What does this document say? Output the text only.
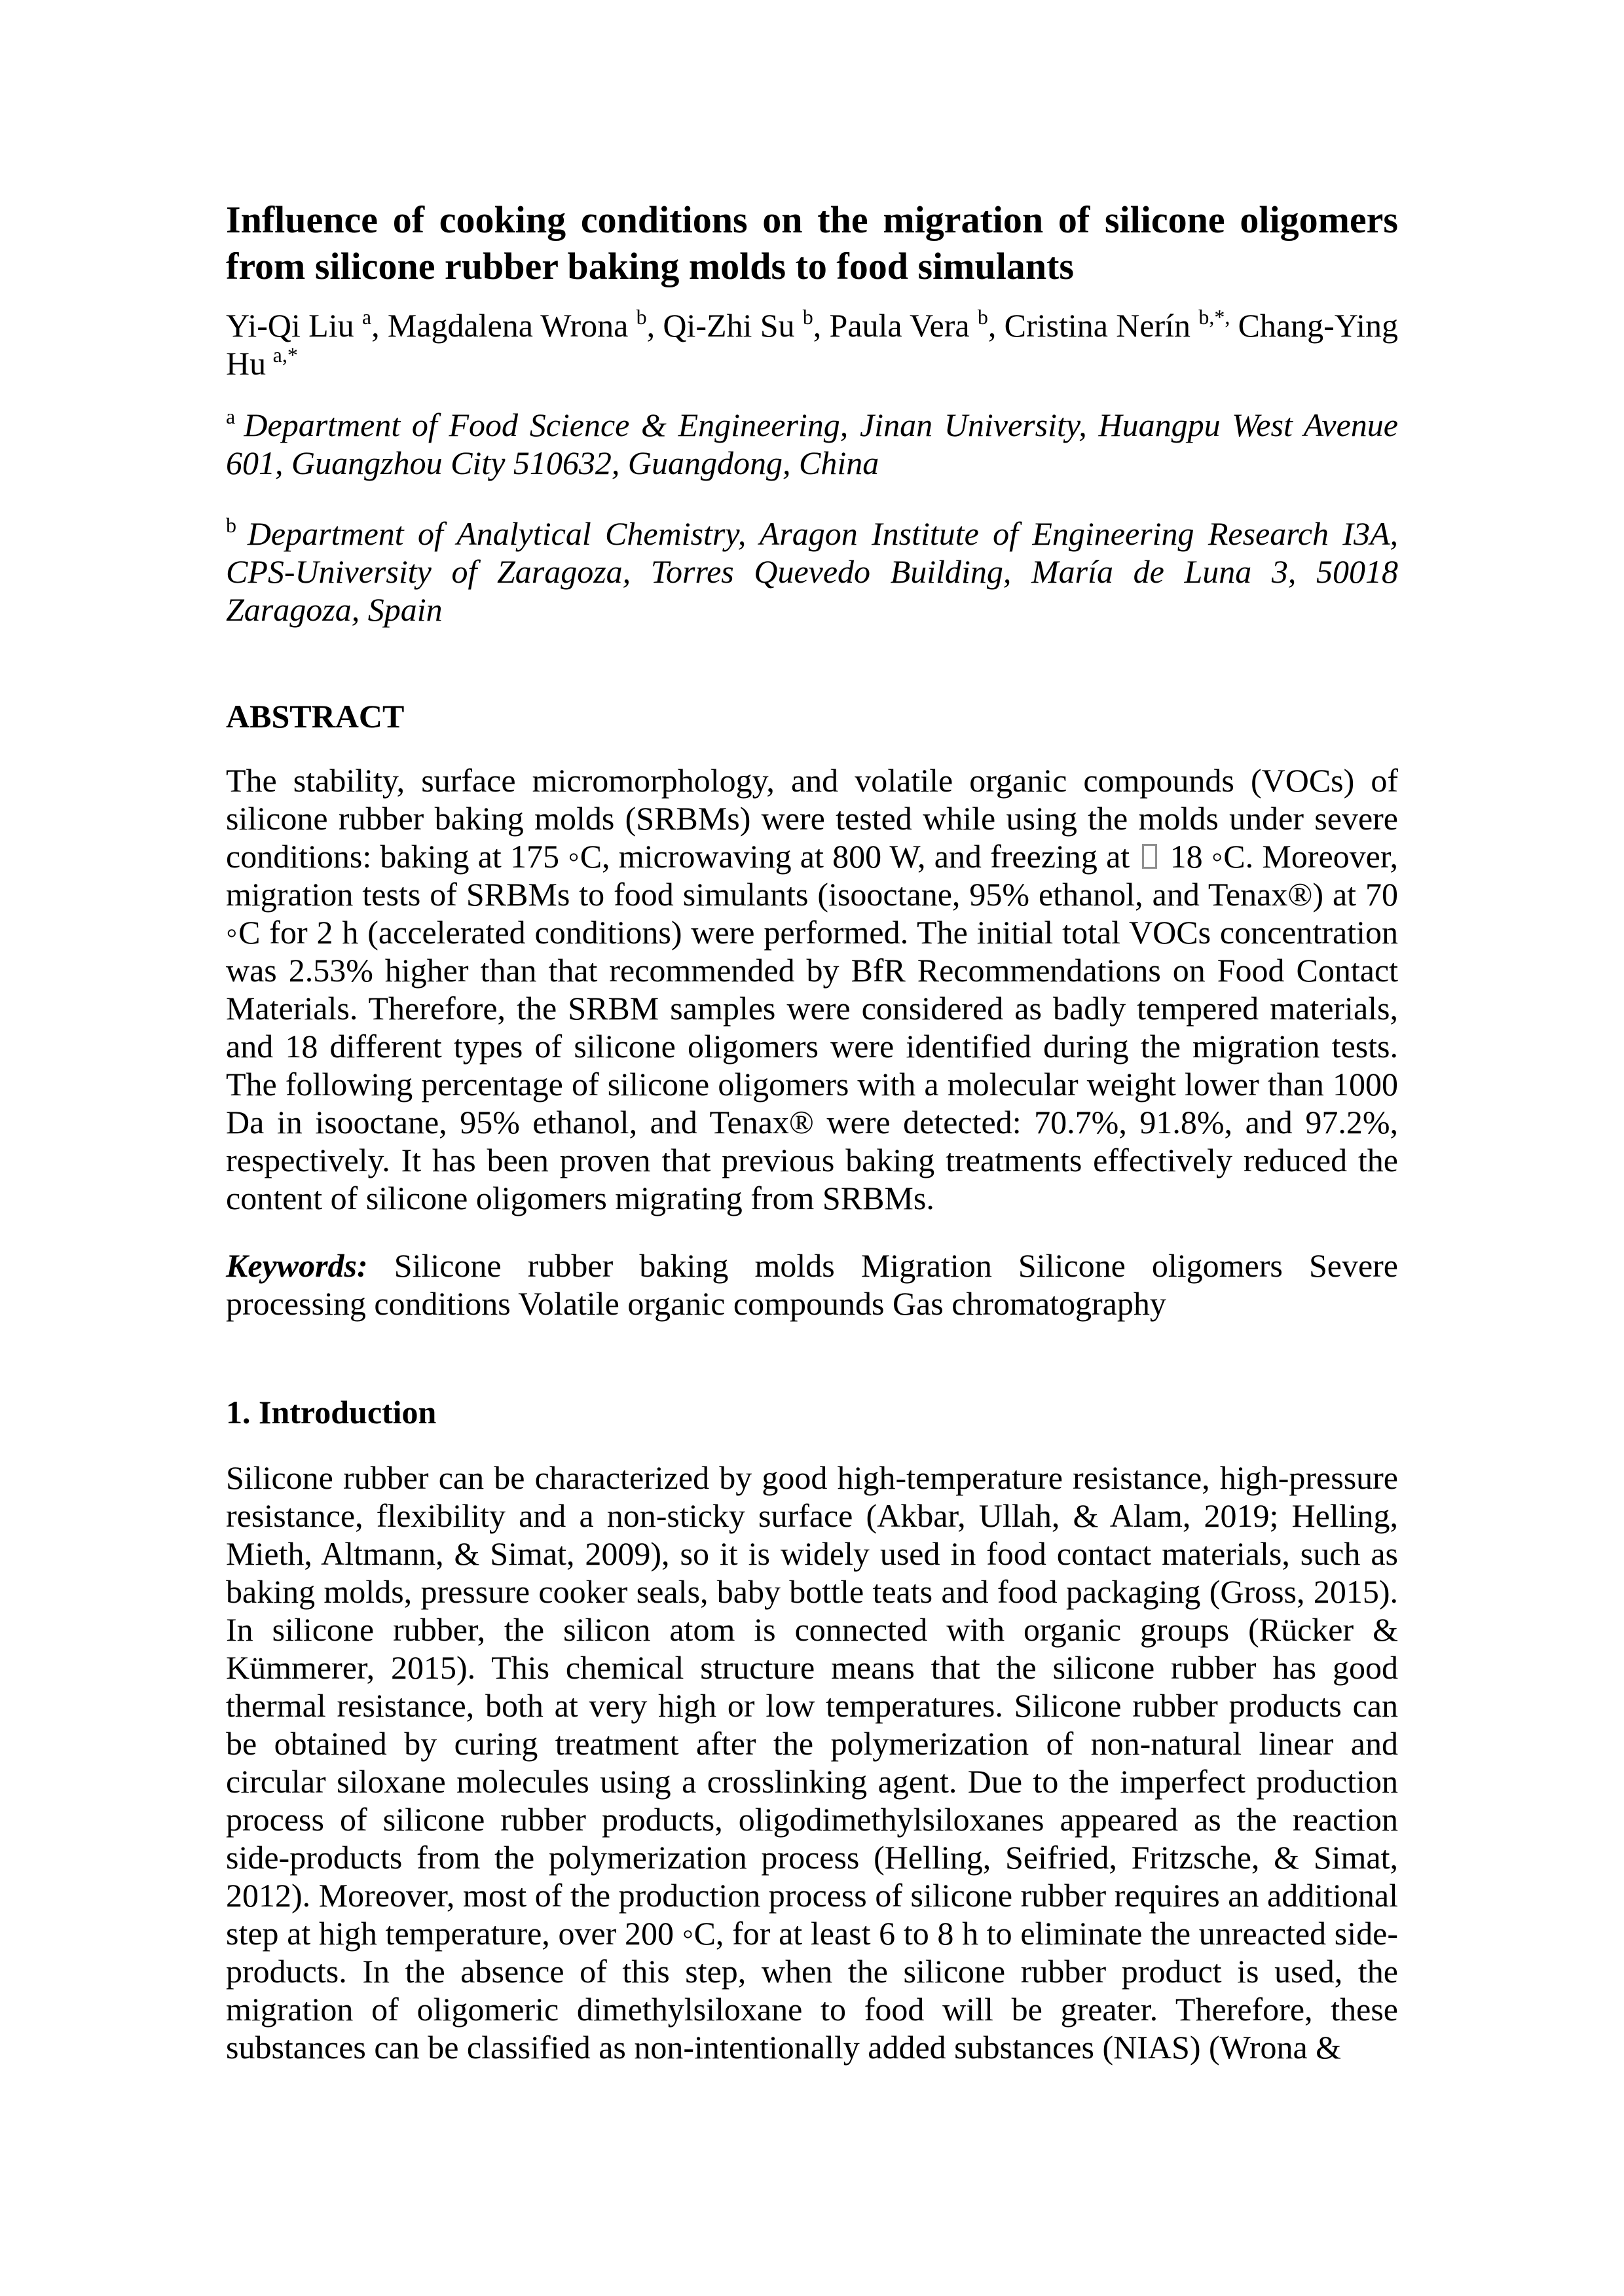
Influence of cooking conditions on the migration of silicone oligomers from silicone rubber baking molds to food simulants

Yi-Qi Liu $^a$, Magdalena Wrona $^b$, Qi-Zhi Su $^b$, Paula Vera $^b$, Cristina Nerín $^{b,*,}$ Chang-Ying Hu $^{a,*}$

$^a$ Department of Food Science & Engineering, Jinan University, Huangpu West Avenue 601, Guangzhou City 510632, Guangdong, China

$^b$ Department of Analytical Chemistry, Aragon Institute of Engineering Research I3A, CPS-University of Zaragoza, Torres Quevedo Building, María de Luna 3, 50018 Zaragoza, Spain

ABSTRACT

The stability, surface micromorphology, and volatile organic compounds (VOCs) of silicone rubber baking molds (SRBMs) were tested while using the molds under severe conditions: baking at 175 ◦C, microwaving at 800 W, and freezing at  18 ◦C. Moreover, migration tests of SRBMs to food simulants (isooctane, 95% ethanol, and Tenax®) at 70 ◦C for 2 h (accelerated conditions) were performed. The initial total VOCs concentration was 2.53% higher than that recommended by BfR Recommendations on Food Contact Materials. Therefore, the SRBM samples were considered as badly tempered materials, and 18 different types of silicone oligomers were identified during the migration tests. The following percentage of silicone oligomers with a molecular weight lower than 1000 Da in isooctane, 95% ethanol, and Tenax® were detected: 70.7%, 91.8%, and 97.2%, respectively. It has been proven that previous baking treatments effectively reduced the content of silicone oligomers migrating from SRBMs.

Keywords: Silicone rubber baking molds Migration Silicone oligomers Severe processing conditions Volatile organic compounds Gas chromatography

1. Introduction

Silicone rubber can be characterized by good high-temperature resistance, high-pressure resistance, flexibility and a non-sticky surface (Akbar, Ullah, & Alam, 2019; Helling, Mieth, Altmann, & Simat, 2009), so it is widely used in food contact materials, such as baking molds, pressure cooker seals, baby bottle teats and food packaging (Gross, 2015). In silicone rubber, the silicon atom is connected with organic groups (Rücker & Kümmerer, 2015). This chemical structure means that the silicone rubber has good thermal resistance, both at very high or low temperatures. Silicone rubber products can be obtained by curing treatment after the polymerization of non-natural linear and circular siloxane molecules using a crosslinking agent. Due to the imperfect production process of silicone rubber products, oligodimethylsiloxanes appeared as the reaction side-products from the polymerization process (Helling, Seifried, Fritzsche, & Simat, 2012). Moreover, most of the production process of silicone rubber requires an additional step at high temperature, over 200 ◦C, for at least 6 to 8 h to eliminate the unreacted side-products. In the absence of this step, when the silicone rubber product is used, the migration of oligomeric dimethylsiloxane to food will be greater. Therefore, these substances can be classified as non-intentionally added substances (NIAS) (Wrona &
